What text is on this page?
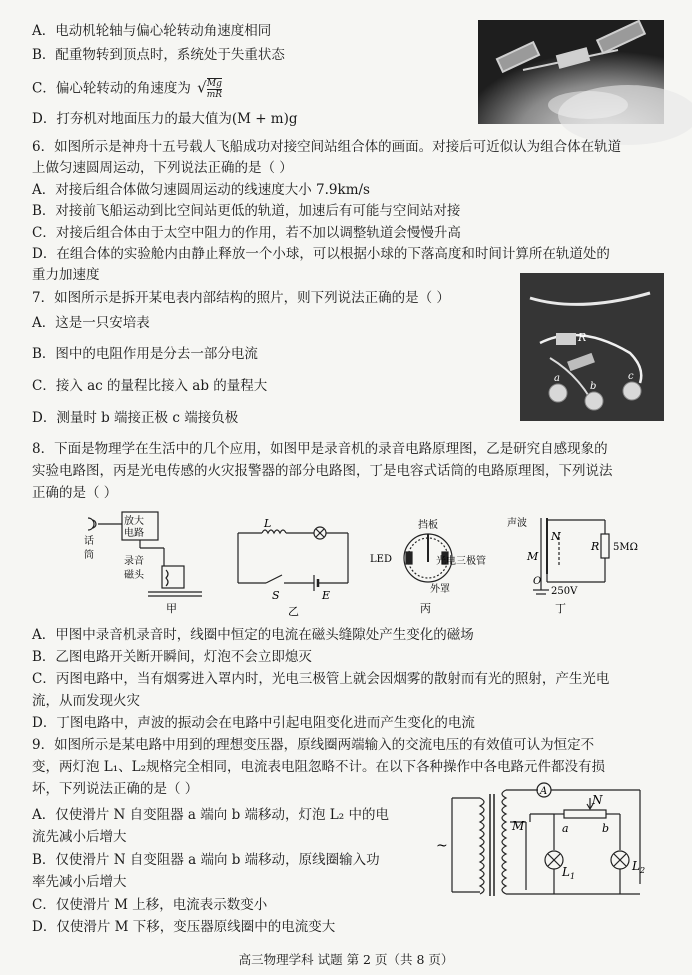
A．电动机轮轴与偏心轮转动角速度相同
B．配重物转到顶点时，系统处于失重状态
C．偏心轮转动的角速度为 √ $\frac{Mg}{mR}$
D．打夯机对地面压力的最大值为(M + m)g
6．如图所示是神舟十五号载人飞船成功对接空间站组合体的画面。对接后可近似认为组合体在轨道
上做匀速圆周运动，下列说法正确的是（ ）
A．对接后组合体做匀速圆周运动的线速度大小 7.9km/s
B．对接前飞船运动到比空间站更低的轨道，加速后有可能与空间站对接
C．对接后组合体由于太空中阻力的作用，若不加以调整轨道会慢慢升高
D．在组合体的实验舱内由静止释放一个小球，可以根据小球的下落高度和时间计算所在轨道处的
重力加速度
7．如图所示是拆开某电表内部结构的照片，则下列说法正确的是（ ）
A．这是一只安培表
B．图中的电阻作用是分去一部分电流
C．接入 ac 的量程比接入 ab 的量程大
D．测量时 b 端接正极 c 端接负极
R
a
b
c
8．下面是物理学在生活中的几个应用，如图甲是录音机的录音电路原理图，乙是研究自感现象的
实验电路图，丙是光电传感的火灾报警器的部分电路图，丁是电容式话筒的电路原理图，下列说法
正确的是（ ）
放大
电路
话
筒
录音
磁头
甲
L
S	E
乙
LED
挡板
光电三极管
外罩
丙
声波
N
M
O
R 5MΩ
250V
丁
A．甲图中录音机录音时，线圈中恒定的电流在磁头缝隙处产生变化的磁场
B．乙图电路开关断开瞬间，灯泡不会立即熄灭
C．丙图电路中，当有烟雾进入罩内时，光电三极管上就会因烟雾的散射而有光的照射，产生光电
流，从而发现火灾
D．丁图电路中，声波的振动会在电路中引起电阻变化进而产生变化的电流
9．如图所示是某电路中用到的理想变压器，原线圈两端输入的交流电压的有效值可认为恒定不
变，两灯泡 L₁、L₂规格完全相同，电流表电阻忽略不计。在以下各种操作中各电路元件都没有损
坏，下列说法正确的是（ ）
A．仅使滑片 N 自变阻器 a 端向 b 端移动，灯泡 L₂ 中的电
流先减小后增大
B．仅使滑片 N 自变阻器 a 端向 b 端移动，原线圈输入功
率先减小后增大
C．仅使滑片 M 上移，电流表示数变小
D．仅使滑片 M 下移，变压器原线圈中的电流变大
A
N
M	a	b
$L_1$
$L_2$
~
高三物理学科 试题 第 2 页（共 8 页）
